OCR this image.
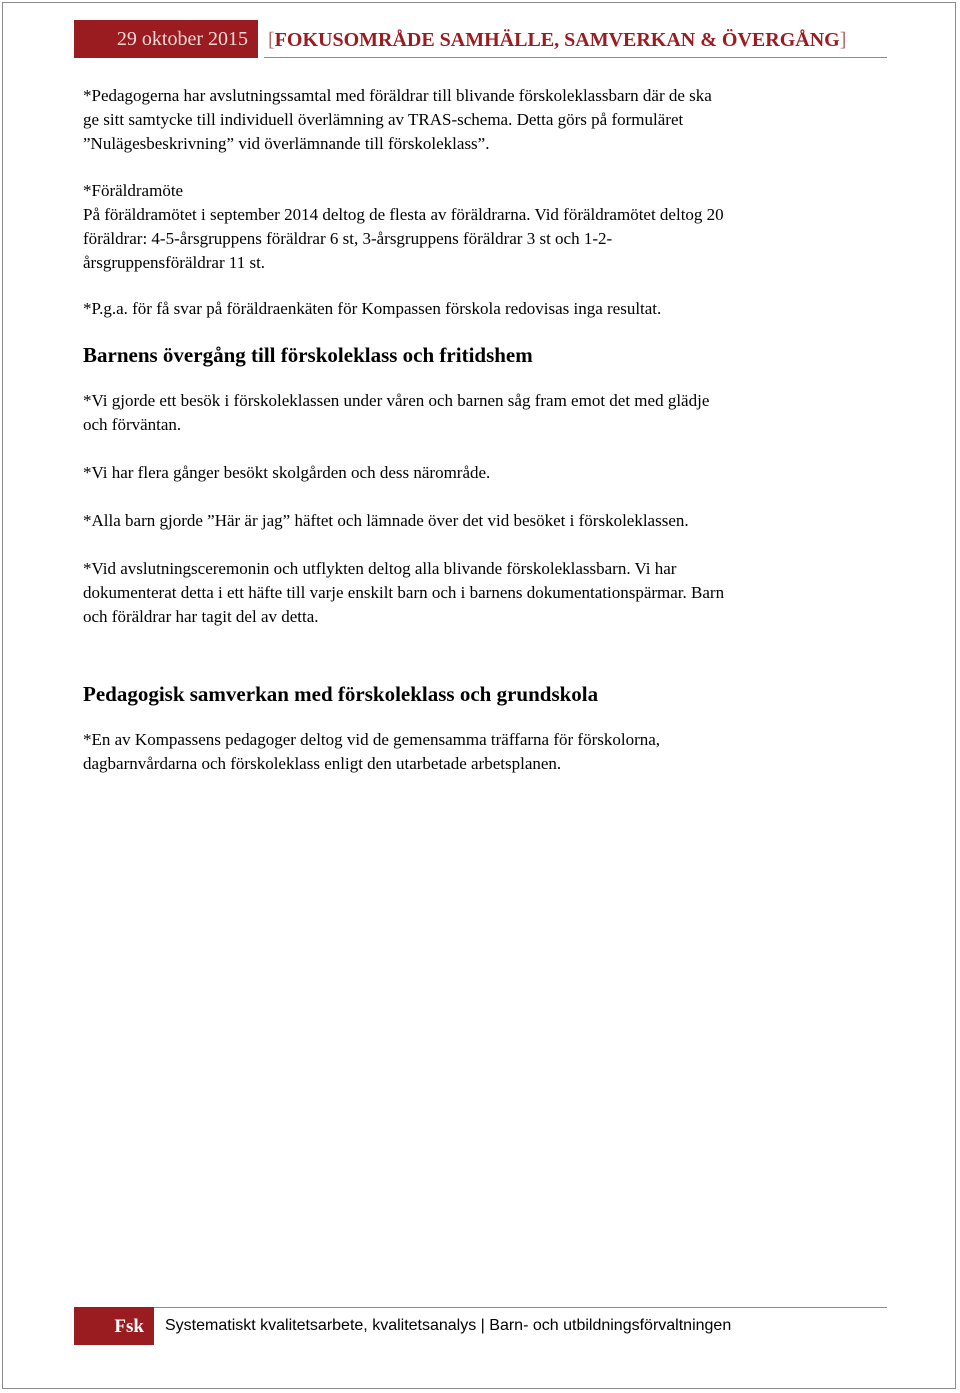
29 oktober 2015	[FOKUSOMRÅDE SAMHÄLLE, SAMVERKAN & ÖVERGÅNG]

*Pedagogerna har avslutningssamtal med föräldrar till blivande förskoleklassbarn där de ska

ge sitt samtycke till individuell överlämning av TRAS-schema. Detta görs på formuläret

”Nulägesbeskrivning” vid överlämnande till förskoleklass”.

*Föräldramöte

På föräldramötet i september 2014 deltog de flesta av föräldrarna. Vid föräldramötet deltog 20

föräldrar: 4-5-årsgruppens föräldrar 6 st, 3-årsgruppens föräldrar 3 st och 1-2-

årsgruppensföräldrar 11 st.

*P.g.a. för få svar på föräldraenkäten för Kompassen förskola redovisas inga resultat.

Barnens övergång till förskoleklass och fritidshem

*Vi gjorde ett besök i förskoleklassen under våren och barnen såg fram emot det med glädje

och förväntan.

*Vi har flera gånger besökt skolgården och dess närområde.

*Alla barn gjorde ”Här är jag” häftet och lämnade över det vid besöket i förskoleklassen.

*Vid avslutningsceremonin och utflykten deltog alla blivande förskoleklassbarn. Vi har

dokumenterat detta i ett häfte till varje enskilt barn och i barnens dokumentationspärmar. Barn

och föräldrar har tagit del av detta.

Pedagogisk samverkan med förskoleklass och grundskola

*En av Kompassens pedagoger deltog vid de gemensamma träffarna för förskolorna,

dagbarnvårdarna och förskoleklass enligt den utarbetade arbetsplanen.

Fsk	Systematiskt kvalitetsarbete, kvalitetsanalys | Barn- och utbildningsförvaltningen
